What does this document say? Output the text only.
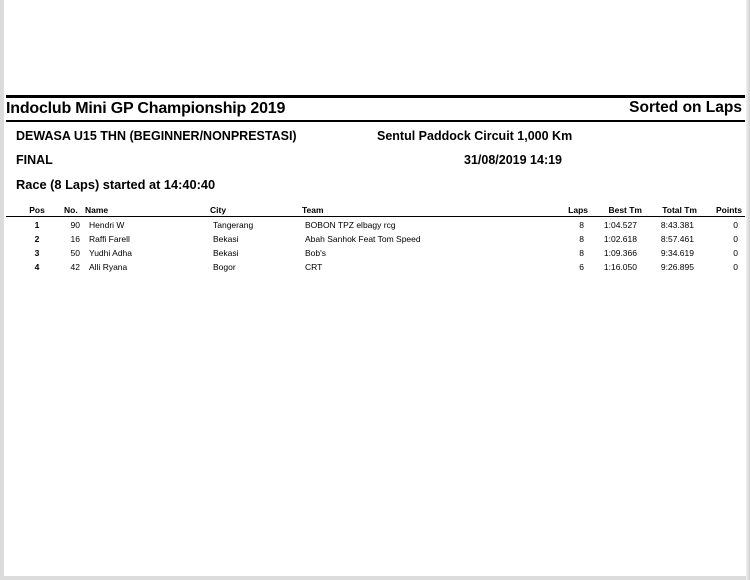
Indoclub Mini GP Championship 2019	Sorted on Laps
DEWASA U15 THN (BEGINNER/NONPRESTASI)	Sentul Paddock Circuit 1,000 Km
FINAL	31/08/2019 14:19
Race (8 Laps) started at 14:40:40
Pos No. Name	City	Team	Laps	Best Tm Total Tm Points
1	90 Hendri W	Tangerang	BOBON TPZ elbagy rcg	8	1:04.527	8:43.381	0
2	16 Raffi Farell	Bekasi	Abah Sanhok Feat Tom Speed	8	1:02.618	8:57.461	0
3	50 Yudhi Adha	Bekasi	Bob's	8	1:09.366	9:34.619	0
4	42 Alli Ryana	Bogor	CRT	6	1:16.050	9:26.895	0
